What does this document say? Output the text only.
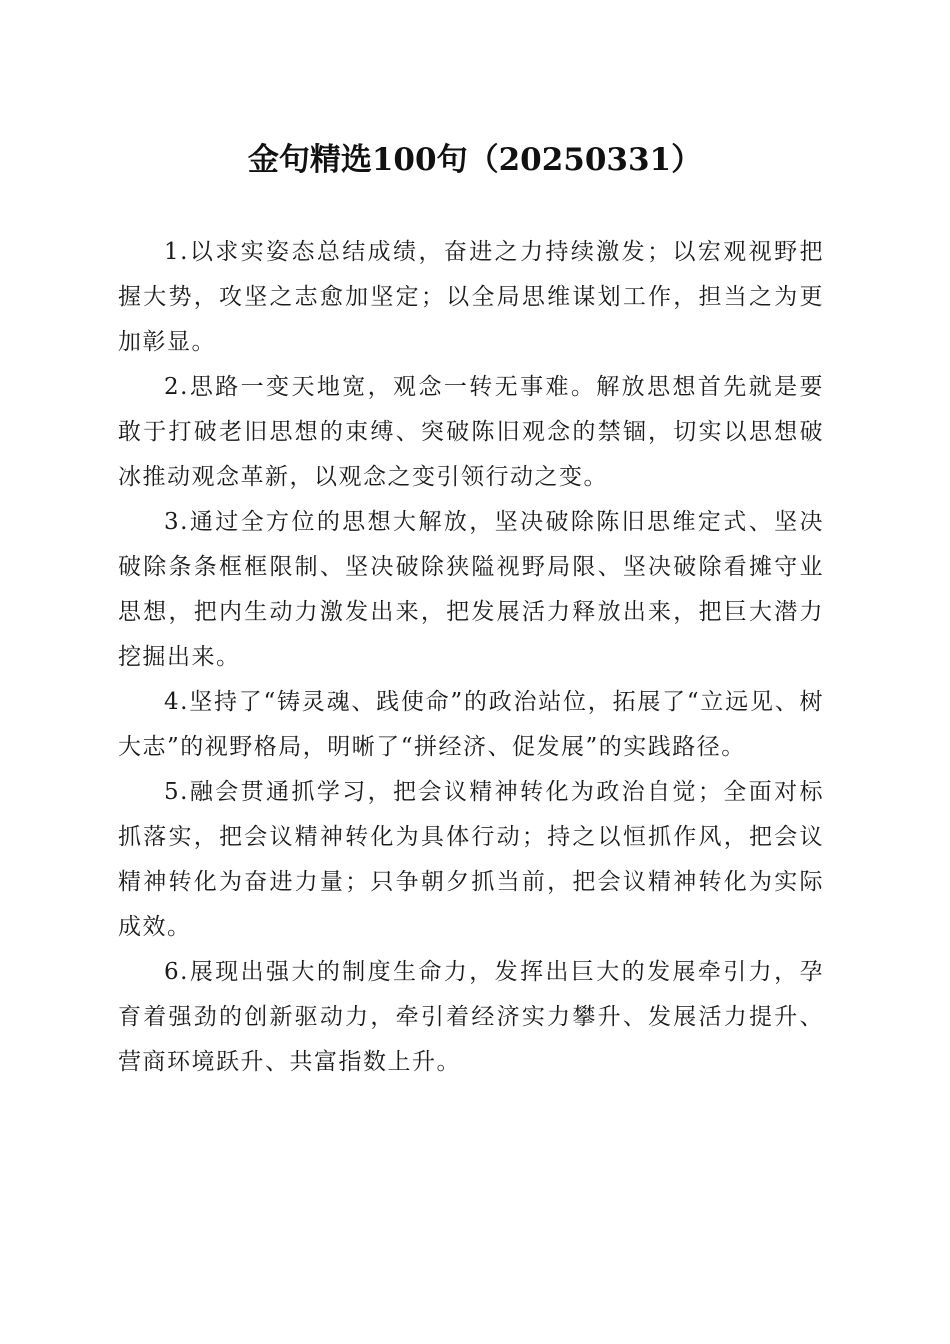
金句精选100句（20250331）

1.以求实姿态总结成绩，奋进之力持续激发；以宏观视野把握大势，攻坚之志愈加坚定；以全局思维谋划工作，担当之为更加彰显。

2.思路一变天地宽，观念一转无事难。解放思想首先就是要敢于打破老旧思想的束缚、突破陈旧观念的禁锢，切实以思想破冰推动观念革新，以观念之变引领行动之变。

3.通过全方位的思想大解放，坚决破除陈旧思维定式、坚决破除条条框框限制、坚决破除狭隘视野局限、坚决破除看摊守业思想，把内生动力激发出来，把发展活力释放出来，把巨大潜力挖掘出来。

4.坚持了“铸灵魂、践使命”的政治站位，拓展了“立远见、树大志”的视野格局，明晰了“拼经济、促发展”的实践路径。

5.融会贯通抓学习，把会议精神转化为政治自觉；全面对标抓落实，把会议精神转化为具体行动；持之以恒抓作风，把会议精神转化为奋进力量；只争朝夕抓当前，把会议精神转化为实际成效。

6.展现出强大的制度生命力，发挥出巨大的发展牵引力，孕育着强劲的创新驱动力，牵引着经济实力攀升、发展活力提升、营商环境跃升、共富指数上升。
